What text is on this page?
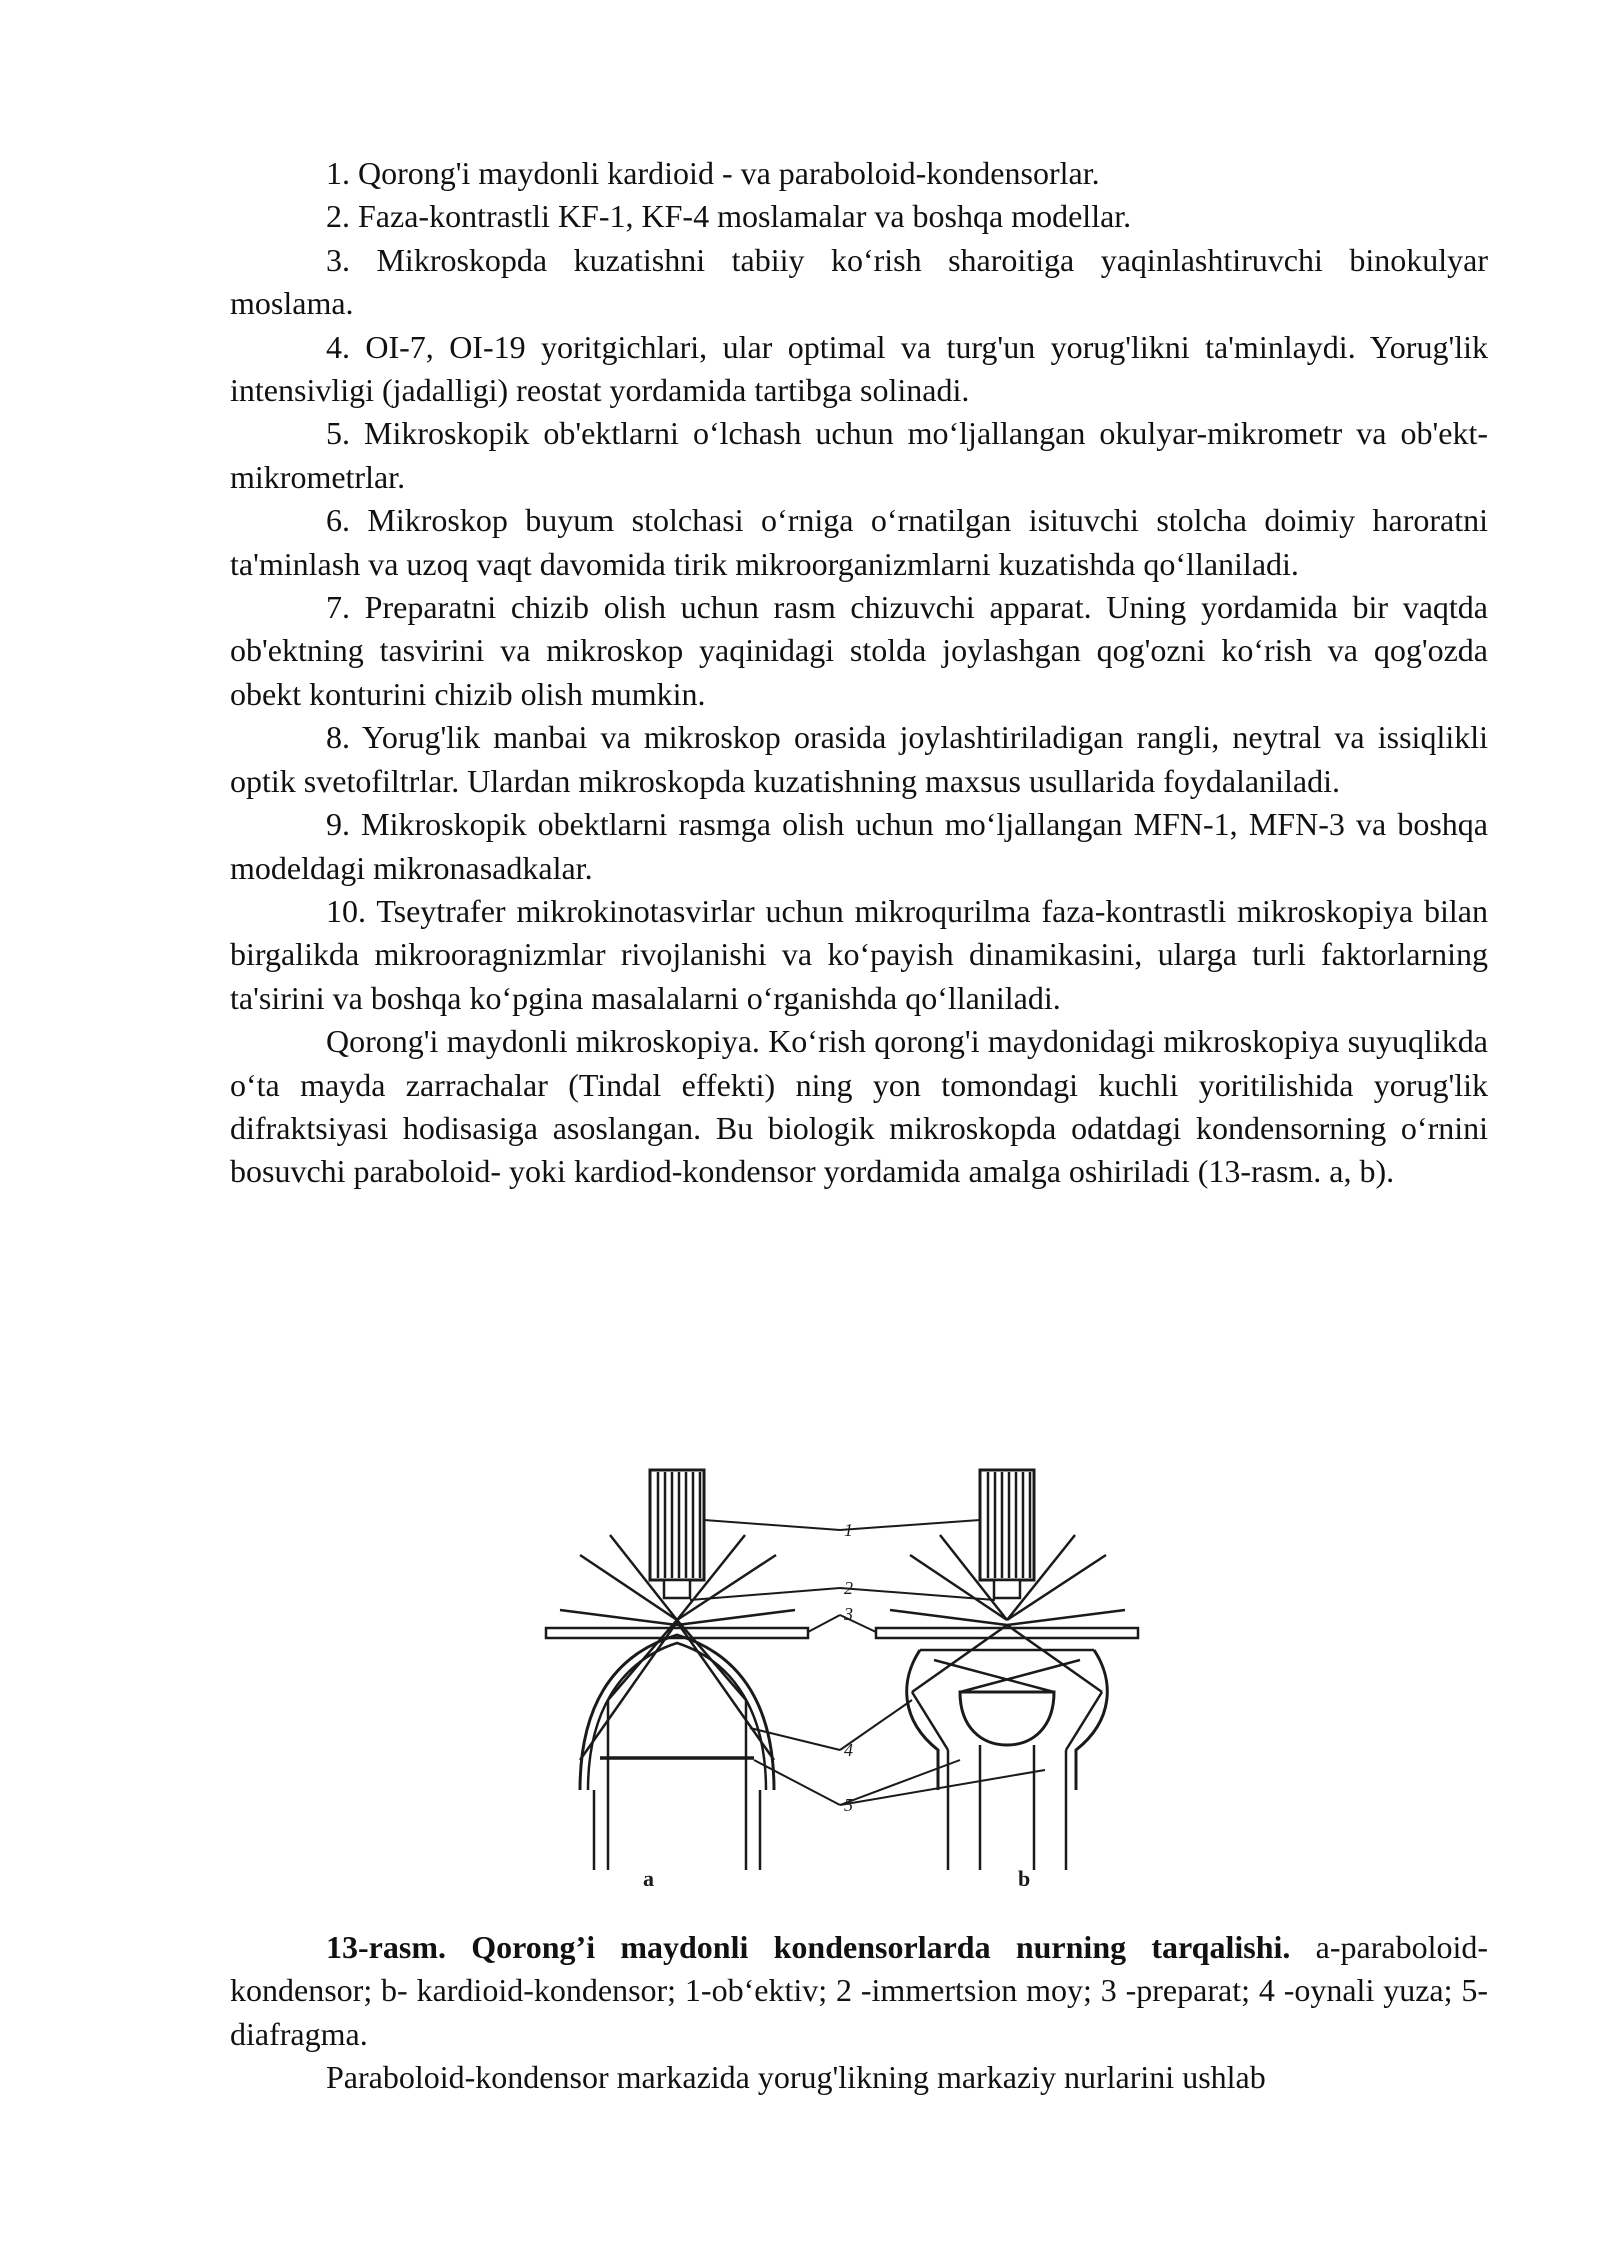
1. Qorong'i maydonli kardioid - va paraboloid-kondensorlar.

2. Faza-kontrastli KF-1, KF-4 moslamalar va boshqa modellar.

3. Mikroskopda kuzatishni tabiiy ko‘rish sharoitiga yaqinlashtiruvchi binokulyar moslama.

4. OI-7, OI-19 yoritgichlari, ular optimal va turg'un yorug'likni ta'minlaydi. Yorug'lik intensivligi (jadalligi) reostat yordamida tartibga solinadi.

5. Mikroskopik ob'ektlarni o‘lchash uchun mo‘ljallangan okulyar-mikrometr va ob'ekt-mikrometrlar.

6. Mikroskop buyum stolchasi o‘rniga o‘rnatilgan isituvchi stolcha doimiy haroratni ta'minlash va uzoq vaqt davomida tirik mikroorganizmlarni kuzatishda qo‘llaniladi.

7. Preparatni chizib olish uchun rasm chizuvchi apparat. Uning yordamida bir vaqtda ob'ektning tasvirini va mikroskop yaqinidagi stolda joylashgan qog'ozni ko‘rish va qog'ozda obekt konturini chizib olish mumkin.

8. Yorug'lik manbai va mikroskop orasida joylashtiriladigan rangli, neytral va issiqlikli optik svetofiltrlar. Ulardan mikroskopda kuzatishning maxsus usullarida foydalaniladi.

9. Mikroskopik obektlarni rasmga olish uchun mo‘ljallangan MFN-1, MFN-3 va boshqa modeldagi mikronasadkalar.

10. Tseytrafer mikrokinotasvirlar uchun mikroqurilma faza-kontrastli mikroskopiya bilan birgalikda mikrooragnizmlar rivojlanishi va ko‘payish dinamikasini, ularga turli faktorlarning ta'sirini va boshqa ko‘pgina masalalarni o‘rganishda qo‘llaniladi.

Qorong'i maydonli mikroskopiya. Ko‘rish qorong'i maydonidagi mikroskopiya suyuqlikda o‘ta mayda zarrachalar (Tindal effekti) ning yon tomondagi kuchli yoritilishida yorug'lik difraktsiyasi hodisasiga asoslangan. Bu biologik mikroskopda odatdagi kondensorning o‘rnini bosuvchi paraboloid- yoki kardiod-kondensor yordamida amalga oshiriladi (13-rasm. a, b).

1
2
3
4
5
a	b

13-rasm. Qorong’i maydonli kondensorlarda nurning tarqalishi. a-paraboloid-kondensor; b- kardioid-kondensor; 1-ob‘ektiv; 2 -immertsion moy; 3 -preparat; 4 -oynali yuza; 5- diafragma.

Paraboloid-kondensor markazida yorug'likning markaziy nurlarini ushlab
